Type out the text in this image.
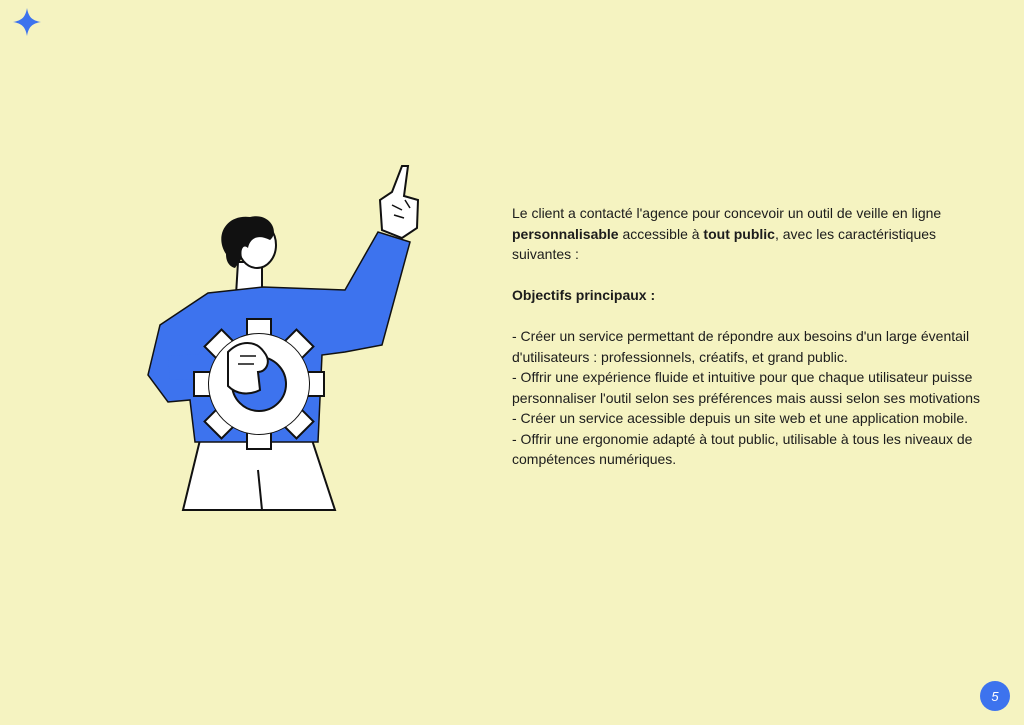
Le client a contacté l'agence pour concevoir un outil de veille en ligne personnalisable accessible à tout public, avec les caractéristiques suivantes :

Objectifs principaux :

- Créer un service permettant de répondre aux besoins d'un large éventail d'utilisateurs : professionnels, créatifs, et grand public.

- Offrir une expérience fluide et intuitive pour que chaque utilisateur puisse personnaliser l'outil selon ses préférences mais aussi selon ses motivations

- Créer un service acessible depuis un site web et une application mobile.

- Offrir une ergonomie adapté à tout public, utilisable à tous les niveaux de compétences numériques.

5
